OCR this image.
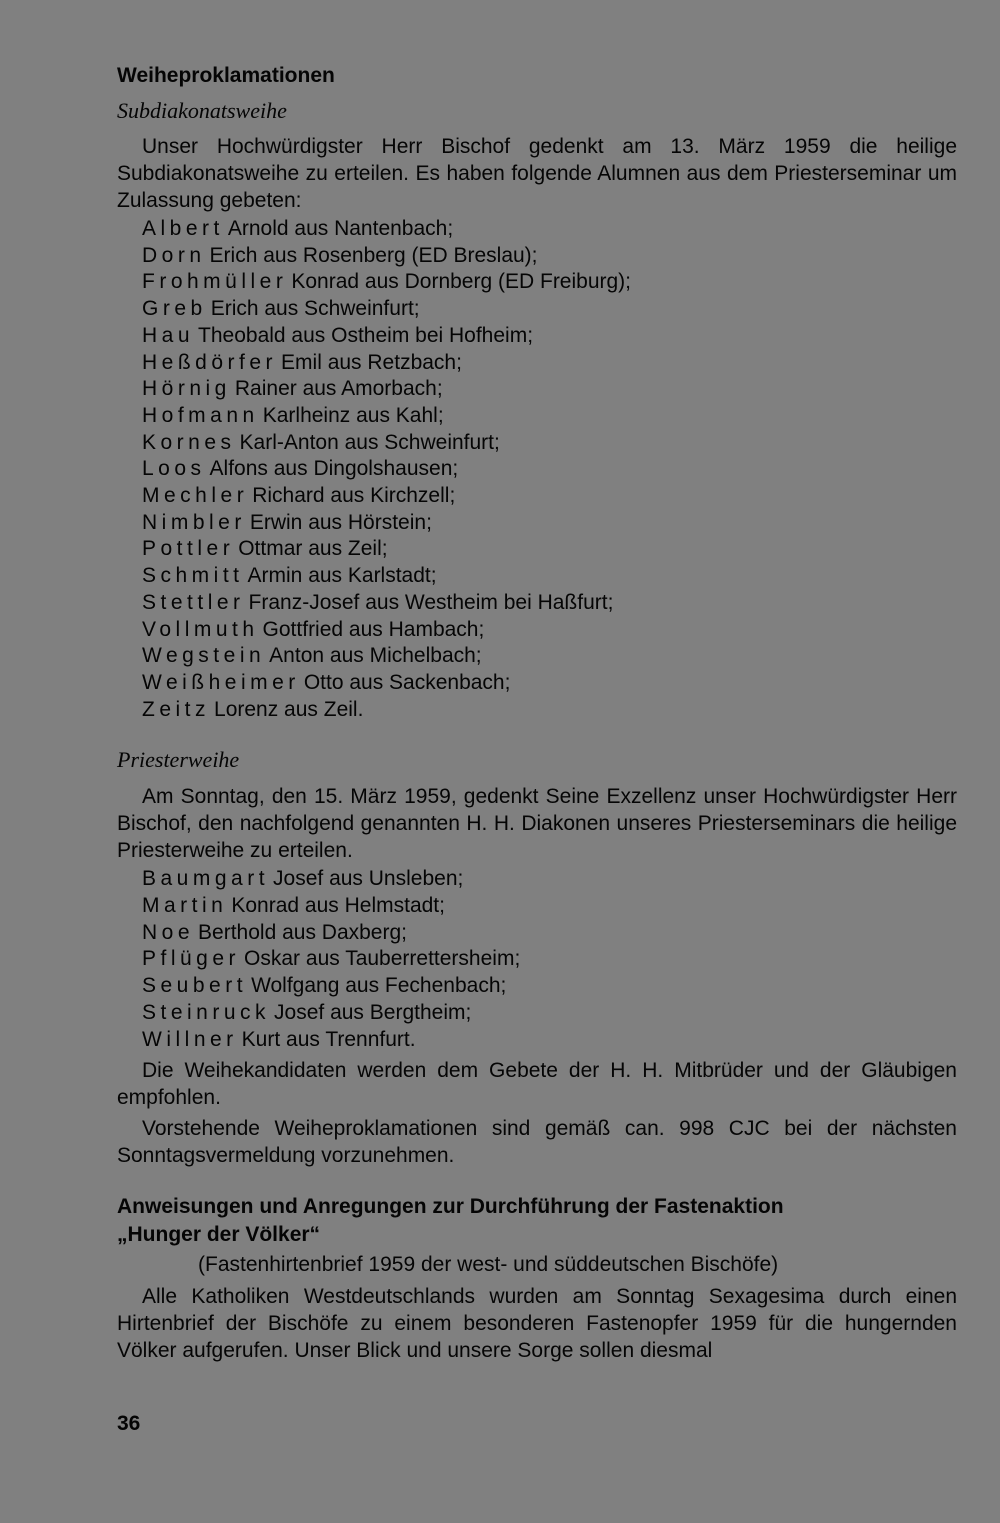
Weiheproklamationen

Subdiakonatsweihe

Unser Hochwürdigster Herr Bischof gedenkt am 13. März 1959 die heilige Subdiakonatsweihe zu erteilen. Es haben folgende Alumnen aus dem Priesterseminar um Zulassung gebeten:

Albert Arnold aus Nantenbach;
Dorn Erich aus Rosenberg (ED Breslau);
Frohmüller Konrad aus Dornberg (ED Freiburg);
Greb Erich aus Schweinfurt;
Hau Theobald aus Ostheim bei Hofheim;
Heßdörfer Emil aus Retzbach;
Hörnig Rainer aus Amorbach;
Hofmann Karlheinz aus Kahl;
Kornes Karl-Anton aus Schweinfurt;
Loos Alfons aus Dingolshausen;
Mechler Richard aus Kirchzell;
Nimbler Erwin aus Hörstein;
Pottler Ottmar aus Zeil;
Schmitt Armin aus Karlstadt;
Stettler Franz-Josef aus Westheim bei Haßfurt;
Vollmuth Gottfried aus Hambach;
Wegstein Anton aus Michelbach;
Weißheimer Otto aus Sackenbach;
Zeitz Lorenz aus Zeil.

Priesterweihe

Am Sonntag, den 15. März 1959, gedenkt Seine Exzellenz unser Hochwürdigster Herr Bischof, den nachfolgend genannten H. H. Diakonen unseres Priesterseminars die heilige Priesterweihe zu erteilen.

Baumgart Josef aus Unsleben;
Martin Konrad aus Helmstadt;
Noe Berthold aus Daxberg;
Pflüger Oskar aus Tauberrettersheim;
Seubert Wolfgang aus Fechenbach;
Steinruck Josef aus Bergtheim;
Willner Kurt aus Trennfurt.

Die Weihekandidaten werden dem Gebete der H. H. Mitbrüder und der Gläubigen empfohlen.

Vorstehende Weiheproklamationen sind gemäß can. 998 CJC bei der nächsten Sonntagsvermeldung vorzunehmen.

Anweisungen und Anregungen zur Durchführung der Fastenaktion
„Hunger der Völker“

(Fastenhirtenbrief 1959 der west- und süddeutschen Bischöfe)

Alle Katholiken Westdeutschlands wurden am Sonntag Sexagesima durch einen Hirtenbrief der Bischöfe zu einem besonderen Fastenopfer 1959 für die hungernden Völker aufgerufen. Unser Blick und unsere Sorge sollen diesmal

36
